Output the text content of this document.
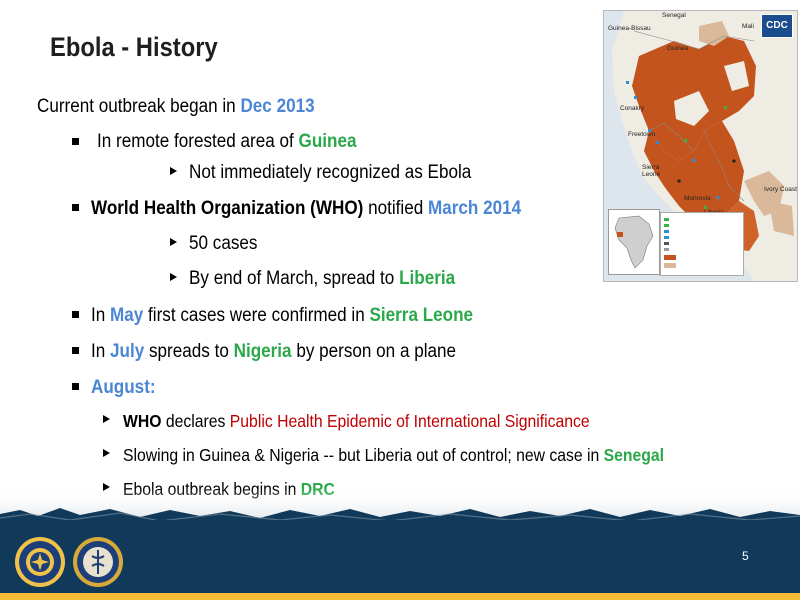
Ebola - History
Current outbreak began in Dec 2013
In remote forested area of Guinea
Not immediately recognized as Ebola
World Health Organization (WHO) notified March 2014
50 cases
By end of March, spread to Liberia
In May first cases were confirmed in Sierra Leone
In July spreads to Nigeria by person on a plane
August:
WHO declares Public Health Epidemic of International Significance
Slowing in Guinea & Nigeria -- but Liberia out of control; new case in Senegal
CDC
Senegal
Guinea-Bissau
Guinea
Mali
Conakry
Freetown
Sierra Leone
Monrovia
Ivory Coast
5
